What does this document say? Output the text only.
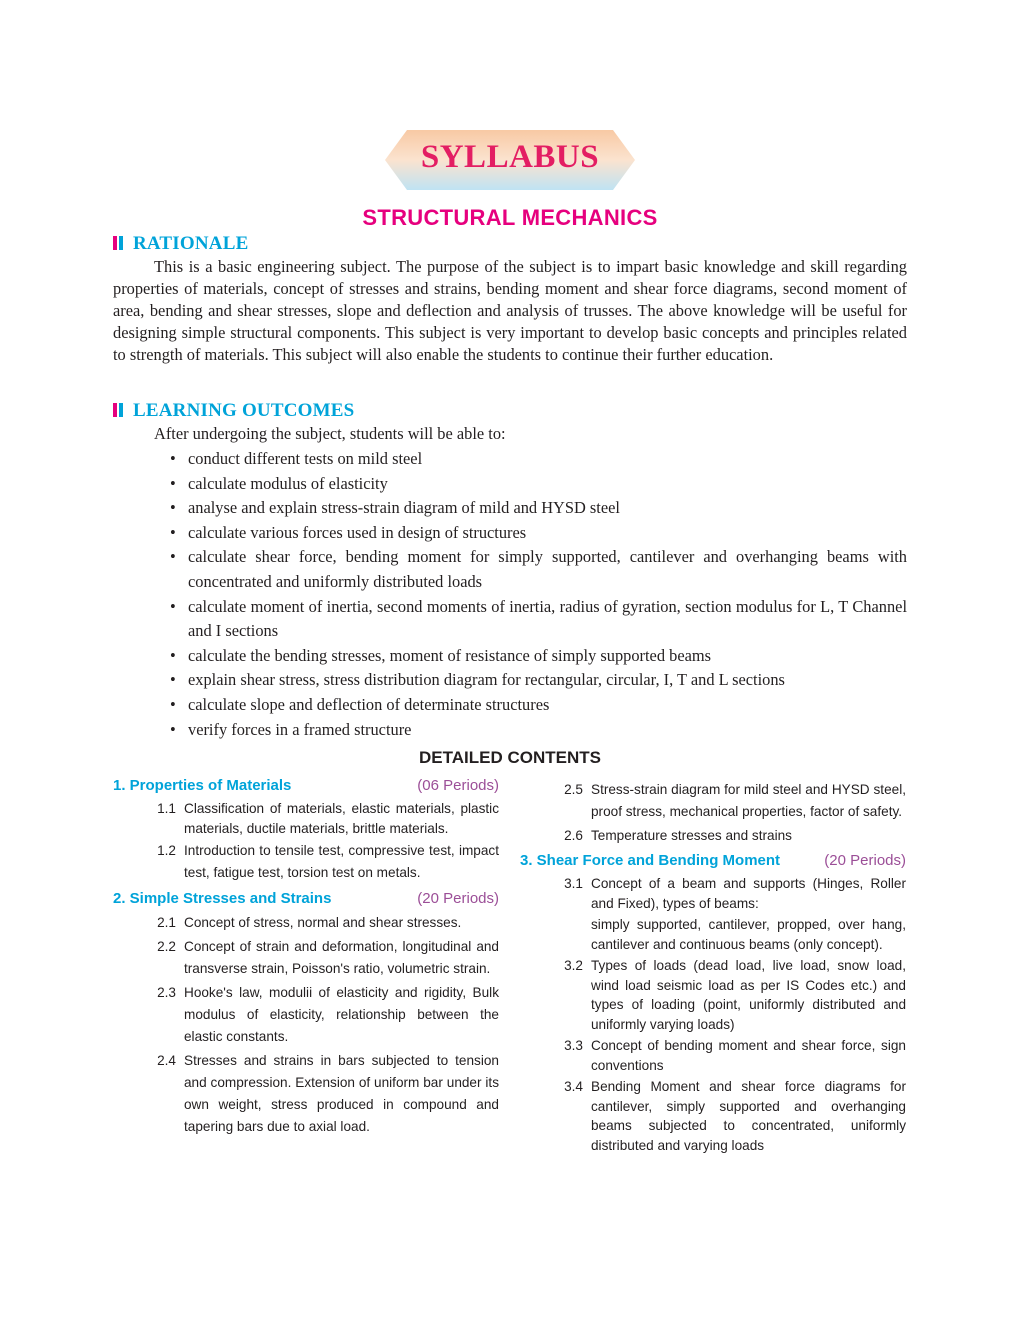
SYLLABUS
STRUCTURAL MECHANICS
RATIONALE
This is a basic engineering subject. The purpose of the subject is to impart basic knowledge and skill regarding properties of materials, concept of stresses and strains, bending moment and shear force diagrams, second moment of area, bending and shear stresses, slope and deflection and analysis of trusses. The above knowledge will be useful for designing simple structural components. This subject is very important to develop basic concepts and principles related to strength of materials. This subject will also enable the students to continue their further education.
LEARNING OUTCOMES
After undergoing the subject, students will be able to:
• conduct different tests on mild steel
• calculate modulus of elasticity
• analyse and explain stress-strain diagram of mild and HYSD steel
• calculate various forces used in design of structures
• calculate shear force, bending moment for simply supported, cantilever and overhanging beams with concentrated and uniformly distributed loads
• calculate moment of inertia, second moments of inertia, radius of gyration, section modulus for L, T Channel and I sections
• calculate the bending stresses, moment of resistance of simply supported beams
• explain shear stress, stress distribution diagram for rectangular, circular, I, T and L sections
• calculate slope and deflection of determinate structures
• verify forces in a framed structure
DETAILED CONTENTS
1. Properties of Materials	(06 Periods)
1.1 Classification of materials, elastic materials, plastic materials, ductile materials, brittle materials.
1.2 Introduction to tensile test, compressive test, impact test, fatigue test, torsion test on metals.
2. Simple Stresses and Strains	(20 Periods)
2.1 Concept of stress, normal and shear stresses.
2.2 Concept of strain and deformation, longitudinal and transverse strain, Poisson's ratio, volumetric strain.
2.3 Hooke's law, modulii of elasticity and rigidity, Bulk modulus of elasticity, relationship between the elastic constants.
2.4 Stresses and strains in bars subjected to tension and compression. Extension of uniform bar under its own weight, stress produced in compound and tapering bars due to axial load.
2.5 Stress-strain diagram for mild steel and HYSD steel, proof stress, mechanical properties, factor of safety.
2.6 Temperature stresses and strains
3. Shear Force and Bending Moment	(20 Periods)
3.1 Concept of a beam and supports (Hinges, Roller and Fixed), types of beams:
simply supported, cantilever, propped, over hang, cantilever and continuous beams (only concept).
3.2 Types of loads (dead load, live load, snow load, wind load seismic load as per IS Codes etc.) and types of loading (point, uniformly distributed and uniformly varying loads)
3.3 Concept of bending moment and shear force, sign conventions
3.4 Bending Moment and shear force diagrams for cantilever, simply supported and overhanging beams subjected to concentrated, uniformly distributed and varying loads
